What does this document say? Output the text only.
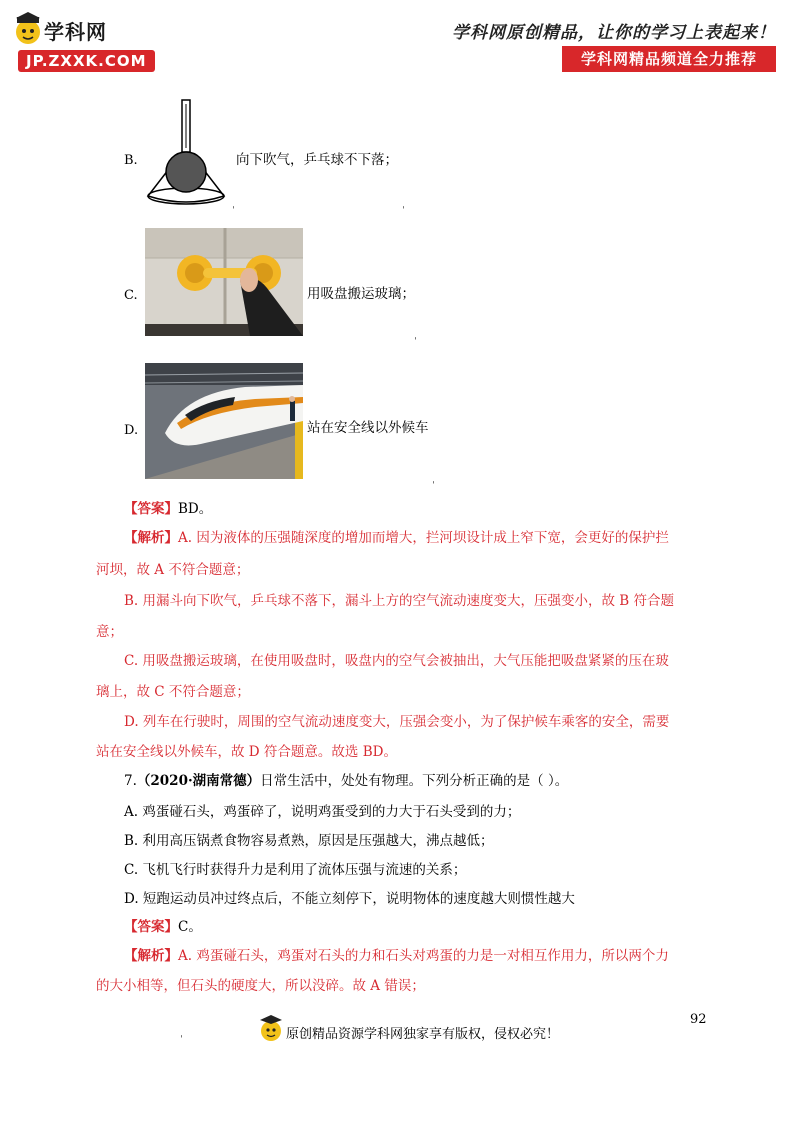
学科网
JP.ZXXK.COM
学科网原创精品，让你的学习上表起来！
学科网精品频道全力推荐
B.	向下吹气，乒乓球不下落；
ˌ	ˌ
C.	用吸盘搬运玻璃；
ˌ
D.	站在安全线以外候车
ˌ
【答案】BD。
【解析】A. 因为液体的压强随深度的增加而增大，拦河坝设计成上窄下宽，会更好的保护拦
河坝，故 A 不符合题意；
B. 用漏斗向下吹气，乒乓球不落下，漏斗上方的空气流动速度变大，压强变小，故 B 符合题
意；
C. 用吸盘搬运玻璃，在使用吸盘时，吸盘内的空气会被抽出，大气压能把吸盘紧紧的压在玻
璃上，故 C 不符合题意；
D. 列车在行驶时，周围的空气流动速度变大，压强会变小，为了保护候车乘客的安全，需要
站在安全线以外候车，故 D 符合题意。故选 BD。
7.（2020·湖南常德）日常生活中，处处有物理。下列分析正确的是（ ）。
A. 鸡蛋碰石头，鸡蛋碎了，说明鸡蛋受到的力大于石头受到的力；
B. 利用高压锅煮食物容易煮熟，原因是压强越大，沸点越低；
C. 飞机飞行时获得升力是利用了流体压强与流速的关系；
D. 短跑运动员冲过终点后，不能立刻停下，说明物体的速度越大则惯性越大
【答案】C。
【解析】A. 鸡蛋碰石头，鸡蛋对石头的力和石头对鸡蛋的力是一对相互作用力，所以两个力
的大小相等，但石头的硬度大，所以没碎。故 A 错误；
92
ˌ	原创精品资源学科网独家享有版权，侵权必究！
